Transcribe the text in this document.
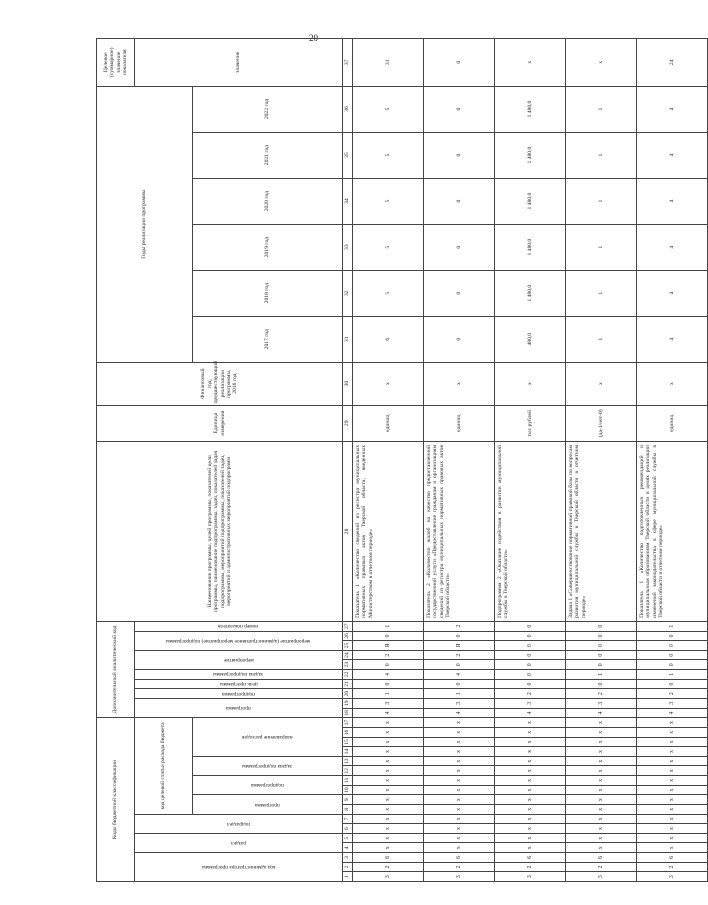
20
Коды бюджетной классификации																	Дополнительный аналитический код										Наименование программы, целей программы, показателей цели программы, наименование подпрограммы, задач, показателей задач подпрограммы, мероприятий подпрограммы, показателей задач, мероприятий и административных мероприятий подпрограмм	Единица измерения	Финансовый год, предшествующий реализации программы, 2016 год	Годы реализации программы						Целевое (суммарное) значение показателя

код администратора программы			раздел		подраздел		код целевой статьи расхода бюджета										программа		подпрограмма	цель программы	задача подпрограммы	мероприятие		мероприятие (административное мероприятие) подпрограммы		номер показателя										значение

							программа		подпрограмма		задача подпрограммы		направление расходов																	2017 год	2018 год	2019 год	2020 год	2021 год	2022 год	
1	2	3	4	5	6	7	8	9	10	11	12	13	14	15	16	17	18	19	20	21	22	23	24	25	26	27	28	29	30	31	32	33	34	35	36	37
3	2	6	х	х	х	х	х	х	х	х	х	х	х	х	х	х	4	3	1	0	4	0	2	Я	0	1	Показатель 1 «Количество сведений из регистра муниципальных нормативных правовых актов Тверской области, введенных Министерством в отчетном периоде»	единиц	х	6	5	5	5	5	5	31
3	2	6	х	х	х	х	х	х	х	х	х	х	х	х	х	х	4	3	1	0	4	0	2	Я	0	2	Показатель 2 «Количество жалоб на качество предоставленной государственной услуги «Предоставление гражданам и организациям сведений из регистра муниципальных нормативных правовых актов Тверской области»	единиц	х	0	0	0	0	0	0	0
3	2	6	х	х	х	х	х	х	х	х	х	х	х	х	х	х	4	3	2	0	0	0	0	0	0	0	Подпрограмма 2 «Оказание содействия в развитии муниципальной службы в Тверской области»	тыс рублей	х	480,0	1 480,0	1 480,0	1 480,0	1 480,0	1 480,0	х
3	2	6	х	х	х	х	х	х	х	х	х	х	х	х	х	х	4	3	2	0	1	0	0	0	0	0	Задача 1 «Совершенствование нормативной правовой базы по вопросам развития муниципальной службы в Тверской области в отчетном периоде»	(да-1/нет-0)	х	1	1	1	1	1	1	х
3	2	6	х	х	х	х	х	х	х	х	х	х	х	х	х	х	4	3	2	0	1	0	0	0	0	1	Показатель 1 «Количество подготовленных рекомендаций и муниципальным образованиям Тверской области в целях реализации изменений законодательства в сфере муниципальной службы в Тверской области в отчетном периоде»	единиц	х	4	4	4	4	4	4	24
